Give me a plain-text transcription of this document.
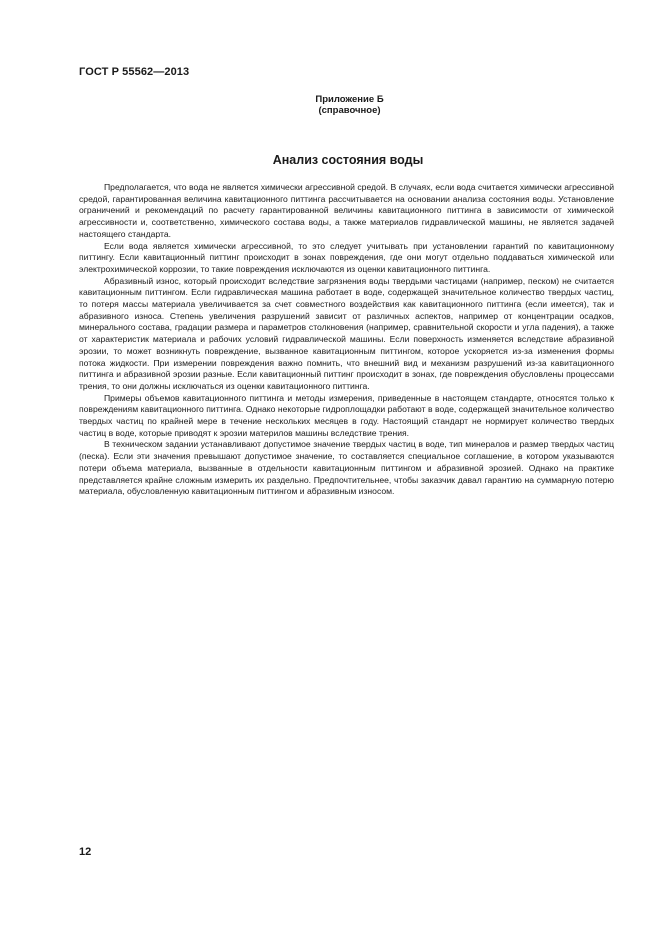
ГОСТ Р 55562—2013
Приложение Б
(справочное)
Анализ состояния воды

Предполагается, что вода не является химически агрессивной средой. В случаях, если вода считается химически агрессивной средой, гарантированная величина кавитационного питтинга рассчитывается на основании анализа состояния воды. Установление ограничений и рекомендаций по расчету гарантированной величины кавитационного питтинга в зависимости от химической агрессивности и, соответственно, химического состава воды, а также материалов гидравлической машины, не является задачей настоящего стандарта.

Если вода является химически агрессивной, то это следует учитывать при установлении гарантий по кавитационному питтингу. Если кавитационный питтинг происходит в зонах повреждения, где они могут отдельно поддаваться химической или электрохимической коррозии, то такие повреждения исключаются из оценки кавитационного питтинга.

Абразивный износ, который происходит вследствие загрязнения воды твердыми частицами (например, песком) не считается кавитационным питтингом. Если гидравлическая машина работает в воде, содержащей значительное количество твердых частиц, то потеря массы материала увеличивается за счет совместного воздействия как кавитационного питтинга (если имеется), так и абразивного износа. Степень увеличения разрушений зависит от различных аспектов, например от концентрации осадков, минерального состава, градации размера и параметров столкновения (например, сравнительной скорости и угла падения), а также от характеристик материала и рабочих условий гидравлической машины. Если поверхность изменяется вследствие абразивной эрозии, то может возникнуть повреждение, вызванное кавитационным питтингом, которое ускоряется из-за изменения формы потока жидкости. При измерении повреждения важно помнить, что внешний вид и механизм разрушений из-за кавитационного питтинга и абразивной эрозии разные. Если кавитационный питтинг происходит в зонах, где повреждения обусловлены процессами трения, то они должны исключаться из оценки кавитационного питтинга.

Примеры объемов кавитационного питтинга и методы измерения, приведенные в настоящем стандарте, относятся только к повреждениям кавитационного питтинга. Однако некоторые гидроплощадки работают в воде, содержащей значительное количество твердых частиц по крайней мере в течение нескольких месяцев в году. Настоящий стандарт не нормирует количество твердых частиц в воде, которые приводят к эрозии материлов машины вследствие трения.

В техническом задании устанавливают допустимое значение твердых частиц в воде, тип минералов и размер твердых частиц (песка). Если эти значения превышают допустимое значение, то составляется специальное соглашение, в котором указываются потери объема материала, вызванные в отдельности кавитационным питтингом и абразивной эрозией. Однако на практике представляется крайне сложным измерить их раздельно. Предпочтительнее, чтобы заказчик давал гарантию на суммарную потерю материала, обусловленную кавитационным питтингом и абразивным износом.

12
